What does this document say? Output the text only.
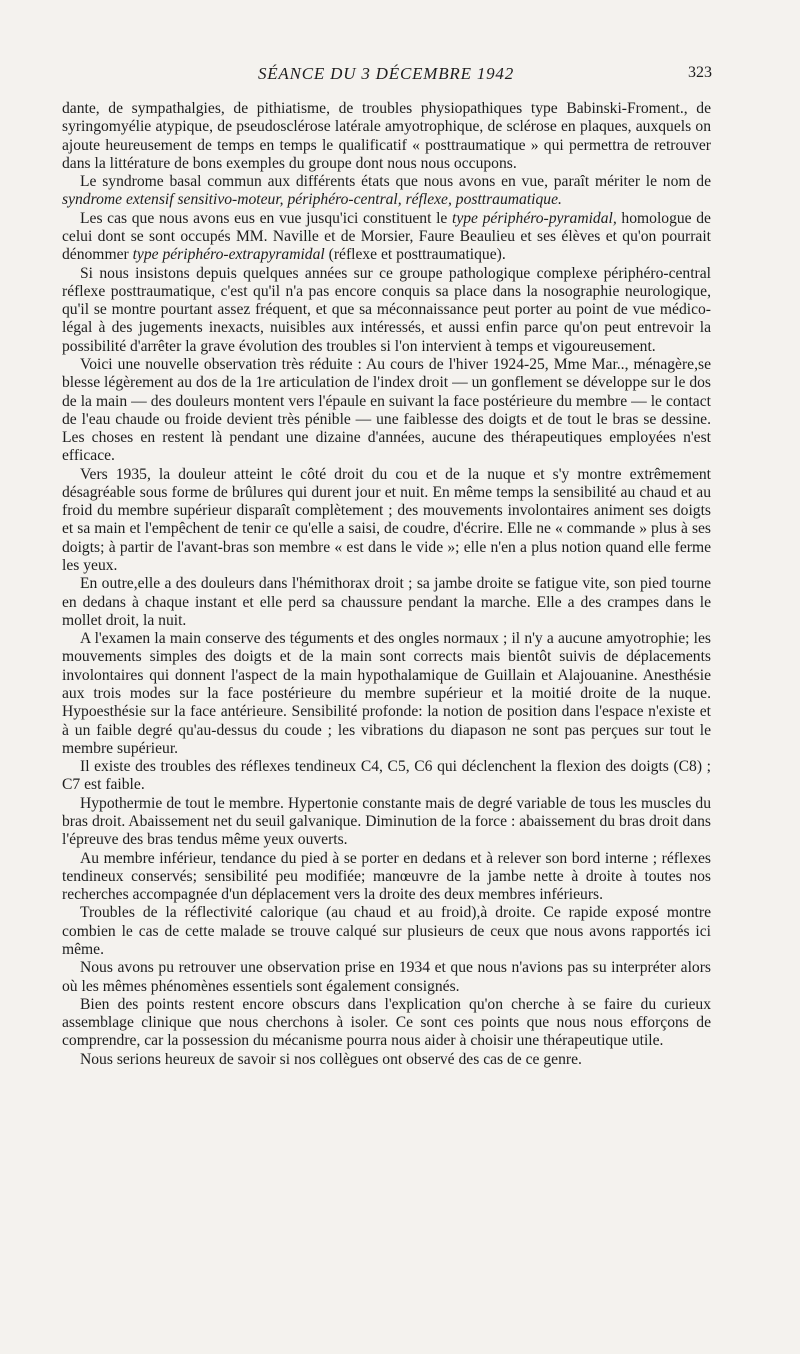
SÉANCE DU 3 DÉCEMBRE 1942	323

dante, de sympathalgies, de pithiatisme, de troubles physiopathiques type Babinski-Froment., de syringomyélie atypique, de pseudosclérose latérale amyotrophique, de sclérose en plaques, auxquels on ajoute heureusement de temps en temps le qualificatif « posttraumatique » qui permettra de retrouver dans la littérature de bons exemples du groupe dont nous nous occupons.

Le syndrome basal commun aux différents états que nous avons en vue, paraît mériter le nom de syndrome extensif sensitivo-moteur, périphéro-central, réflexe, posttraumatique.

Les cas que nous avons eus en vue jusqu'ici constituent le type périphéro-pyramidal, homologue de celui dont se sont occupés MM. Naville et de Morsier, Faure Beaulieu et ses élèves et qu'on pourrait dénommer type périphéro-extrapyramidal (réflexe et posttraumatique).

Si nous insistons depuis quelques années sur ce groupe pathologique complexe périphéro-central réflexe posttraumatique, c'est qu'il n'a pas encore conquis sa place dans la nosographie neurologique, qu'il se montre pourtant assez fréquent, et que sa méconnaissance peut porter au point de vue médico-légal à des jugements inexacts, nuisibles aux intéressés, et aussi enfin parce qu'on peut entrevoir la possibilité d'arrêter la grave évolution des troubles si l'on intervient à temps et vigoureusement.

Voici une nouvelle observation très réduite : Au cours de l'hiver 1924-25, Mme Mar.., ménagère,se blesse légèrement au dos de la 1re articulation de l'index droit — un gonflement se développe sur le dos de la main — des douleurs montent vers l'épaule en suivant la face postérieure du membre — le contact de l'eau chaude ou froide devient très pénible — une faiblesse des doigts et de tout le bras se dessine. Les choses en restent là pendant une dizaine d'années, aucune des thérapeutiques employées n'est efficace.

Vers 1935, la douleur atteint le côté droit du cou et de la nuque et s'y montre extrêmement désagréable sous forme de brûlures qui durent jour et nuit. En même temps la sensibilité au chaud et au froid du membre supérieur disparaît complètement ; des mouvements involontaires animent ses doigts et sa main et l'empêchent de tenir ce qu'elle a saisi, de coudre, d'écrire. Elle ne « commande » plus à ses doigts; à partir de l'avant-bras son membre « est dans le vide »; elle n'en a plus notion quand elle ferme les yeux.

En outre,elle a des douleurs dans l'hémithorax droit ; sa jambe droite se fatigue vite, son pied tourne en dedans à chaque instant et elle perd sa chaussure pendant la marche. Elle a des crampes dans le mollet droit, la nuit.

A l'examen la main conserve des téguments et des ongles normaux ; il n'y a aucune amyotrophie; les mouvements simples des doigts et de la main sont corrects mais bientôt suivis de déplacements involontaires qui donnent l'aspect de la main hypothalamique de Guillain et Alajouanine. Anesthésie aux trois modes sur la face postérieure du membre supérieur et la moitié droite de la nuque. Hypoesthésie sur la face antérieure. Sensibilité profonde: la notion de position dans l'espace n'existe et à un faible degré qu'au-dessus du coude ; les vibrations du diapason ne sont pas perçues sur tout le membre supérieur.

Il existe des troubles des réflexes tendineux C4, C5, C6 qui déclenchent la flexion des doigts (C8) ; C7 est faible.

Hypothermie de tout le membre. Hypertonie constante mais de degré variable de tous les muscles du bras droit. Abaissement net du seuil galvanique. Diminution de la force : abaissement du bras droit dans l'épreuve des bras tendus même yeux ouverts.

Au membre inférieur, tendance du pied à se porter en dedans et à relever son bord interne ; réflexes tendineux conservés; sensibilité peu modifiée; manœuvre de la jambe nette à droite à toutes nos recherches accompagnée d'un déplacement vers la droite des deux membres inférieurs.

Troubles de la réflectivité calorique (au chaud et au froid),à droite. Ce rapide exposé montre combien le cas de cette malade se trouve calqué sur plusieurs de ceux que nous avons rapportés ici même.

Nous avons pu retrouver une observation prise en 1934 et que nous n'avions pas su interpréter alors où les mêmes phénomènes essentiels sont également consignés.

Bien des points restent encore obscurs dans l'explication qu'on cherche à se faire du curieux assemblage clinique que nous cherchons à isoler. Ce sont ces points que nous nous efforçons de comprendre, car la possession du mécanisme pourra nous aider à choisir une thérapeutique utile.

Nous serions heureux de savoir si nos collègues ont observé des cas de ce genre.
